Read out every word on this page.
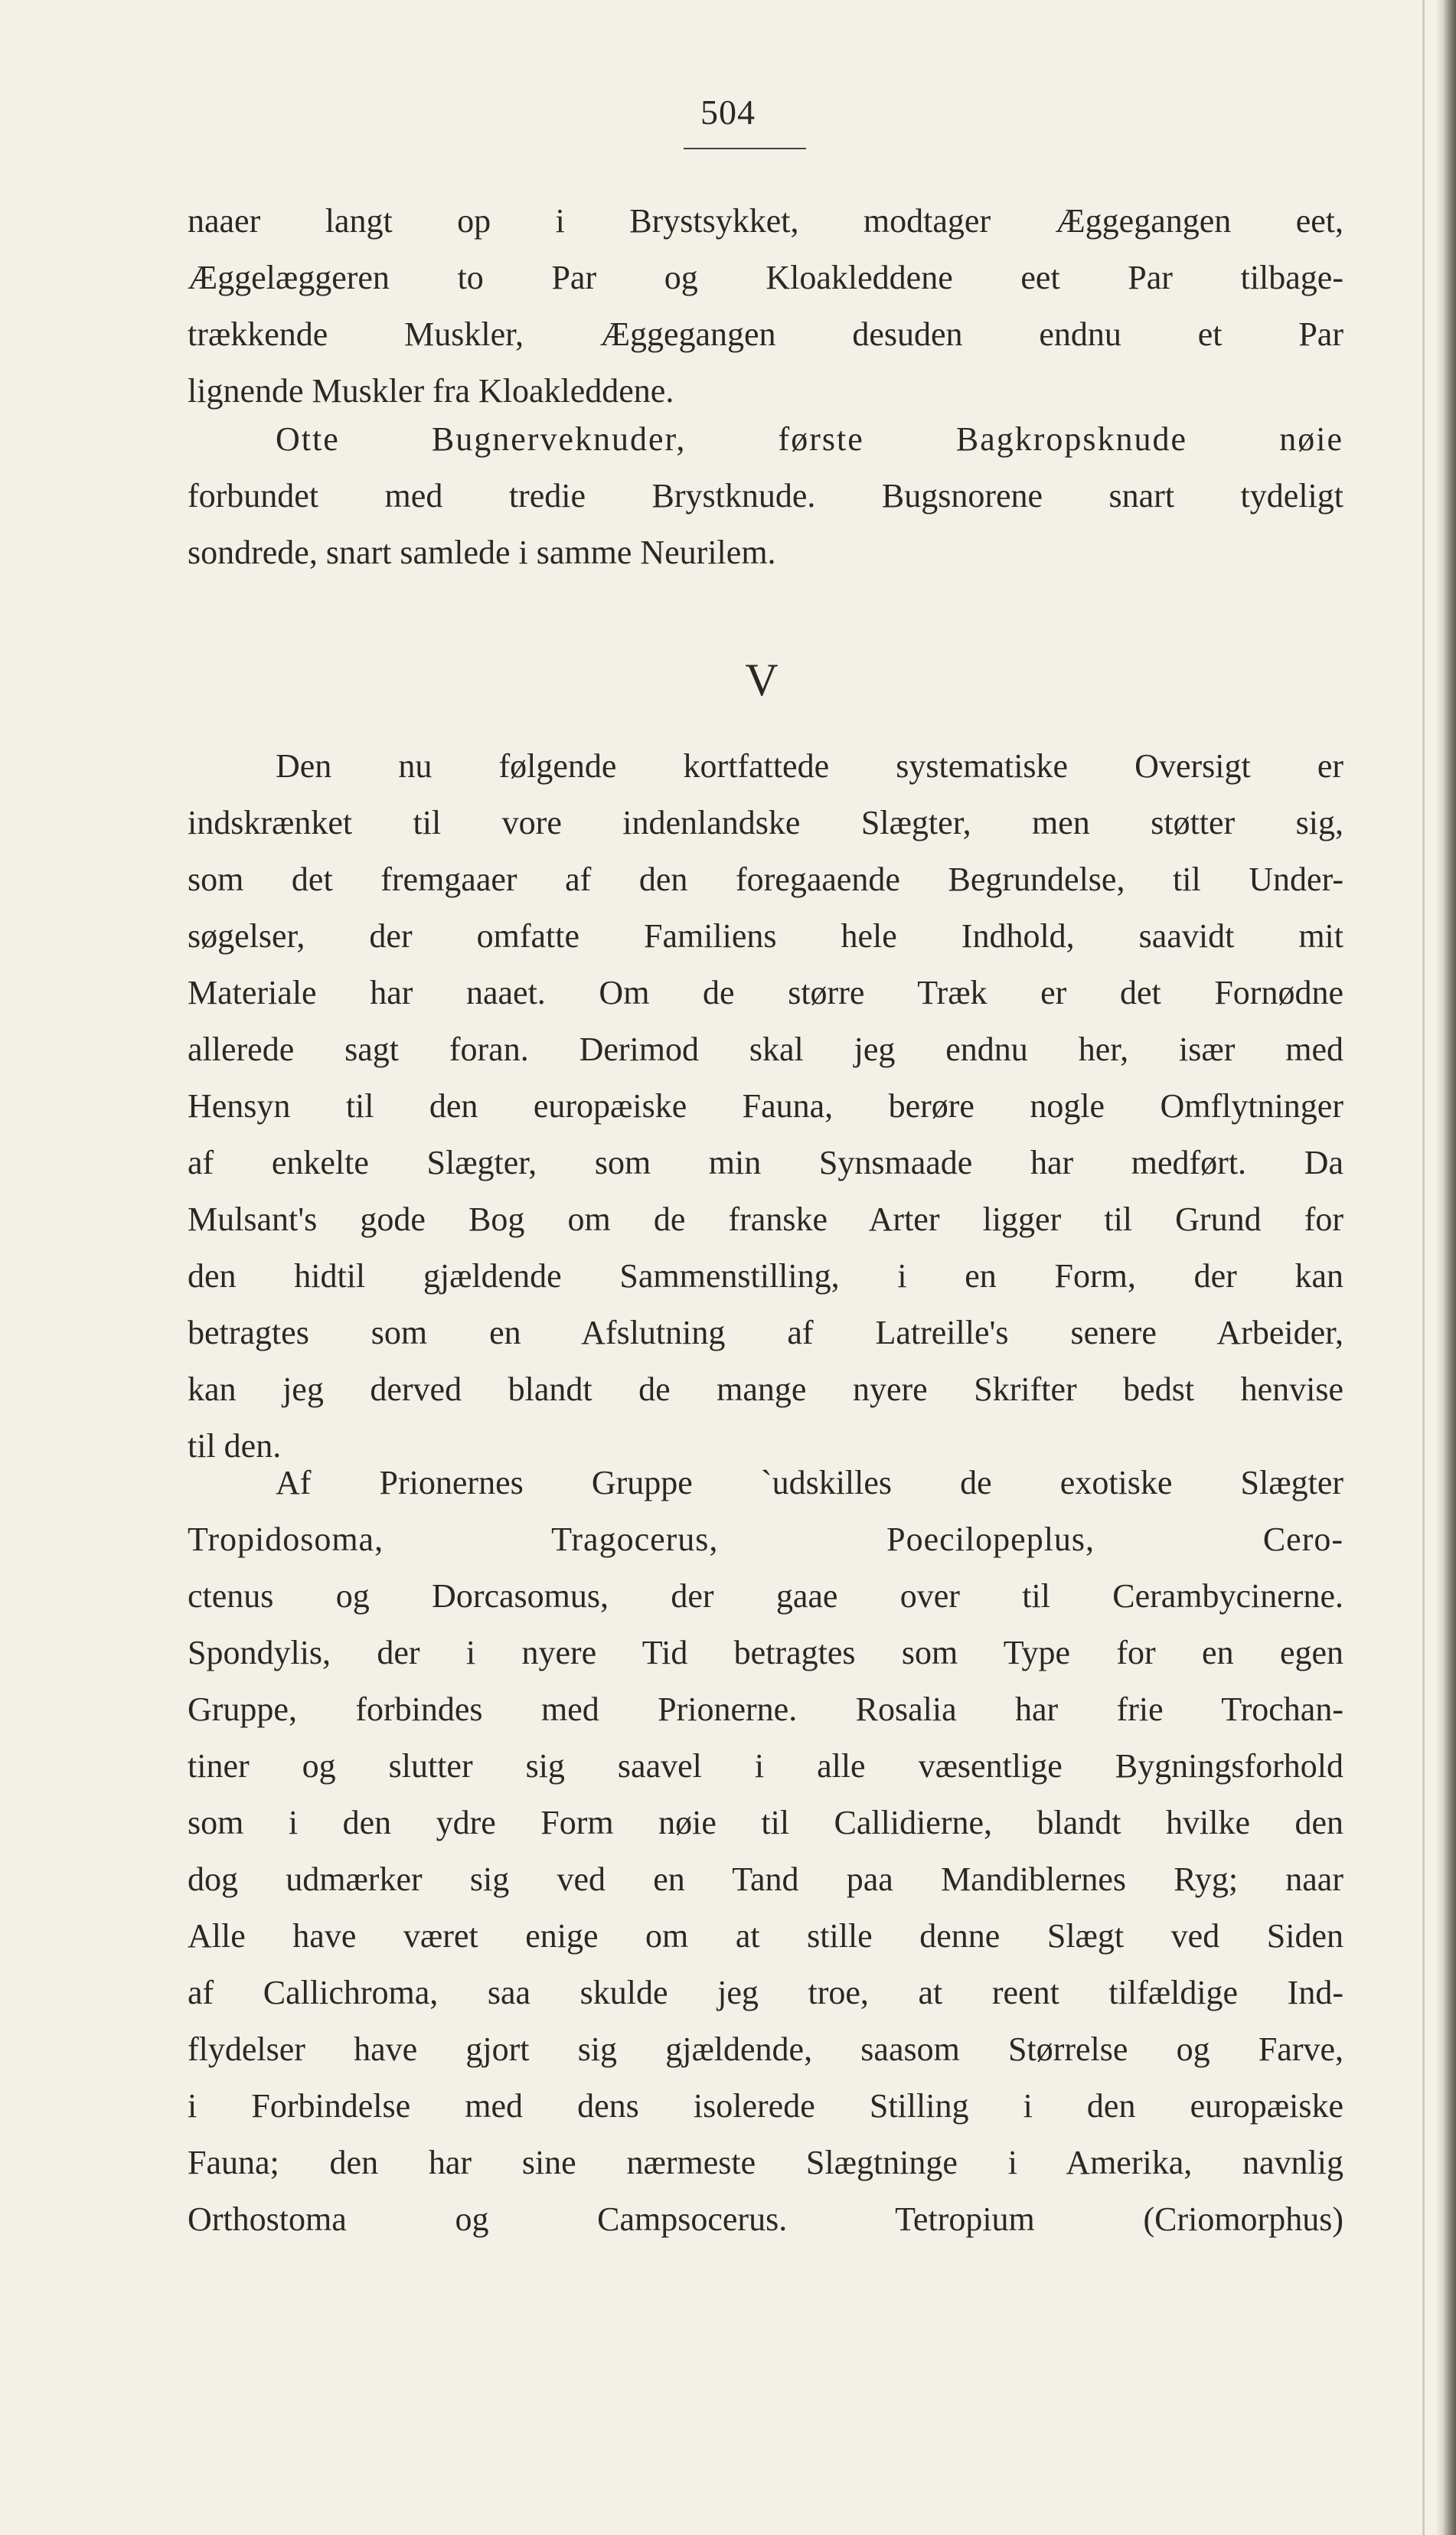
504
naaer langt op i Brystsykket, modtager Æggegangen eet,
Æggelæggeren to Par og Kloakleddene eet Par tilbage-
trækkende Muskler, Æggegangen desuden endnu et Par
lignende Muskler fra Kloakleddene.
Otte Bugnerveknuder, første Bagkropsknude nøie
forbundet med tredie Brystknude. Bugsnorene snart tydeligt
sondrede, snart samlede i samme Neurilem.
V
Den nu følgende kortfattede systematiske Oversigt er
indskrænket til vore indenlandske Slægter, men støtter sig,
som det fremgaaer af den foregaaende Begrundelse, til Under-
søgelser, der omfatte Familiens hele Indhold, saavidt mit
Materiale har naaet. Om de større Træk er det Fornødne
allerede sagt foran. Derimod skal jeg endnu her, især med
Hensyn til den europæiske Fauna, berøre nogle Omflytninger
af enkelte Slægter, som min Synsmaade har medført. Da
Mulsant's gode Bog om de franske Arter ligger til Grund for
den hidtil gjældende Sammenstilling, i en Form, der kan
betragtes som en Afslutning af Latreille's senere Arbeider,
kan jeg derved blandt de mange nyere Skrifter bedst henvise
til den.
Af Prionernes Gruppe `udskilles de exotiske Slægter
Tropidosoma, Tragocerus, Poecilopeplus, Cero-
ctenus og Dorcasomus, der gaae over til Cerambycinerne.
Spondylis, der i nyere Tid betragtes som Type for en egen
Gruppe, forbindes med Prionerne. Rosalia har frie Trochan-
tiner og slutter sig saavel i alle væsentlige Bygningsforhold
som i den ydre Form nøie til Callidierne, blandt hvilke den
dog udmærker sig ved en Tand paa Mandiblernes Ryg; naar
Alle have været enige om at stille denne Slægt ved Siden
af Callichroma, saa skulde jeg troe, at reent tilfældige Ind-
flydelser have gjort sig gjældende, saasom Størrelse og Farve,
i Forbindelse med dens isolerede Stilling i den europæiske
Fauna; den har sine nærmeste Slægtninge i Amerika, navnlig
Orthostoma og Campsocerus. Tetropium (Criomorphus)
